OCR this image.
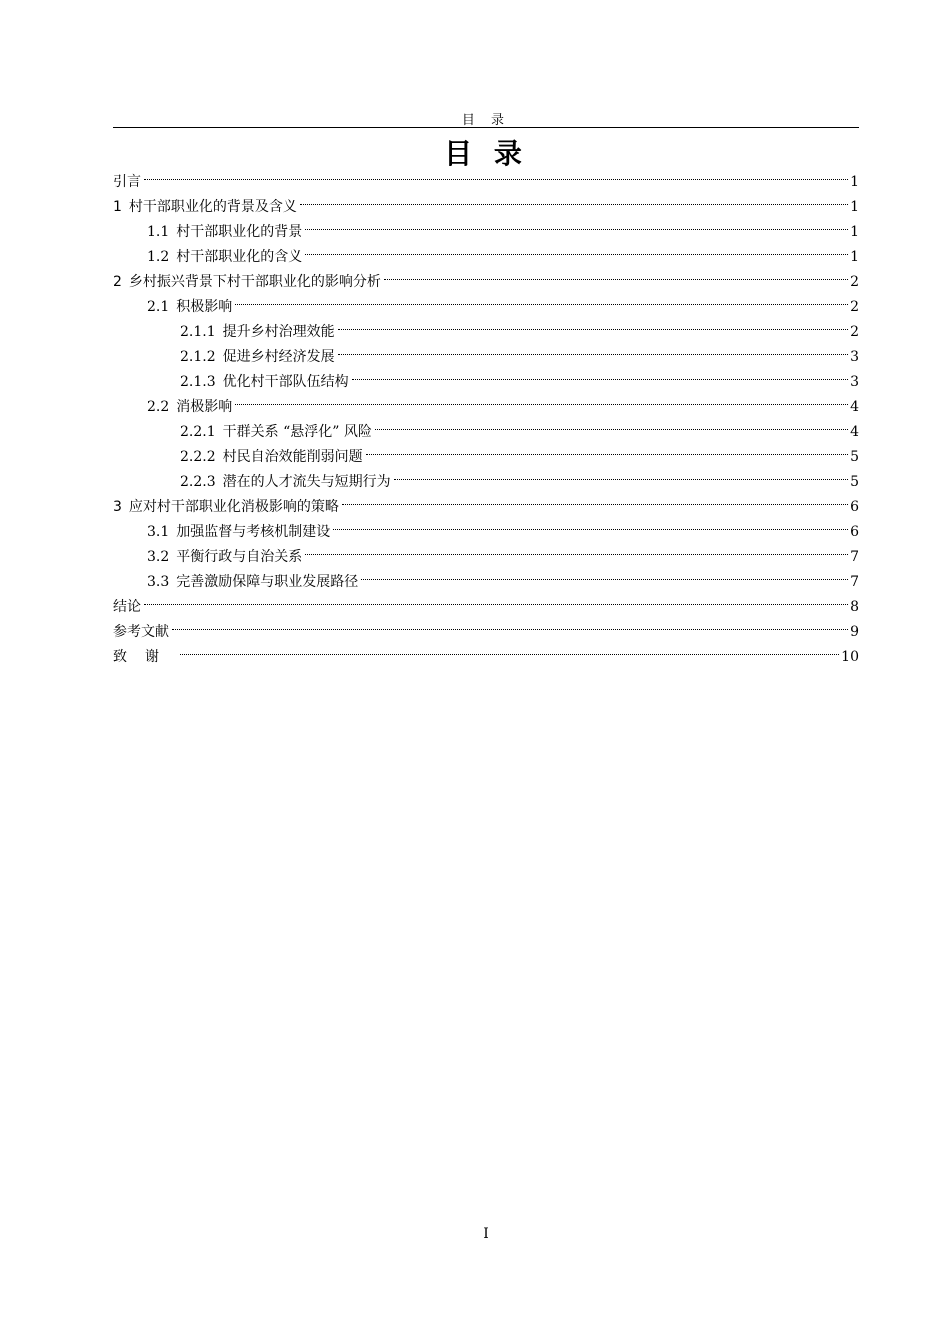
目 录
目 录
引言	1
1 村干部职业化的背景及含义	1
1.1 村干部职业化的背景	1
1.2 村干部职业化的含义	1
2 乡村振兴背景下村干部职业化的影响分析	2
2.1 积极影响	2
2.1.1 提升乡村治理效能	2
2.1.2 促进乡村经济发展	3
2.1.3 优化村干部队伍结构	3
2.2 消极影响	4
2.2.1 干群关系 “悬浮化” 风险	4
2.2.2 村民自治效能削弱问题	5
2.2.3 潜在的人才流失与短期行为	5
3 应对村干部职业化消极影响的策略	6
3.1 加强监督与考核机制建设	6
3.2 平衡行政与自治关系	7
3.3 完善激励保障与职业发展路径	7
结论	8
参考文献	9
致谢	10
I
